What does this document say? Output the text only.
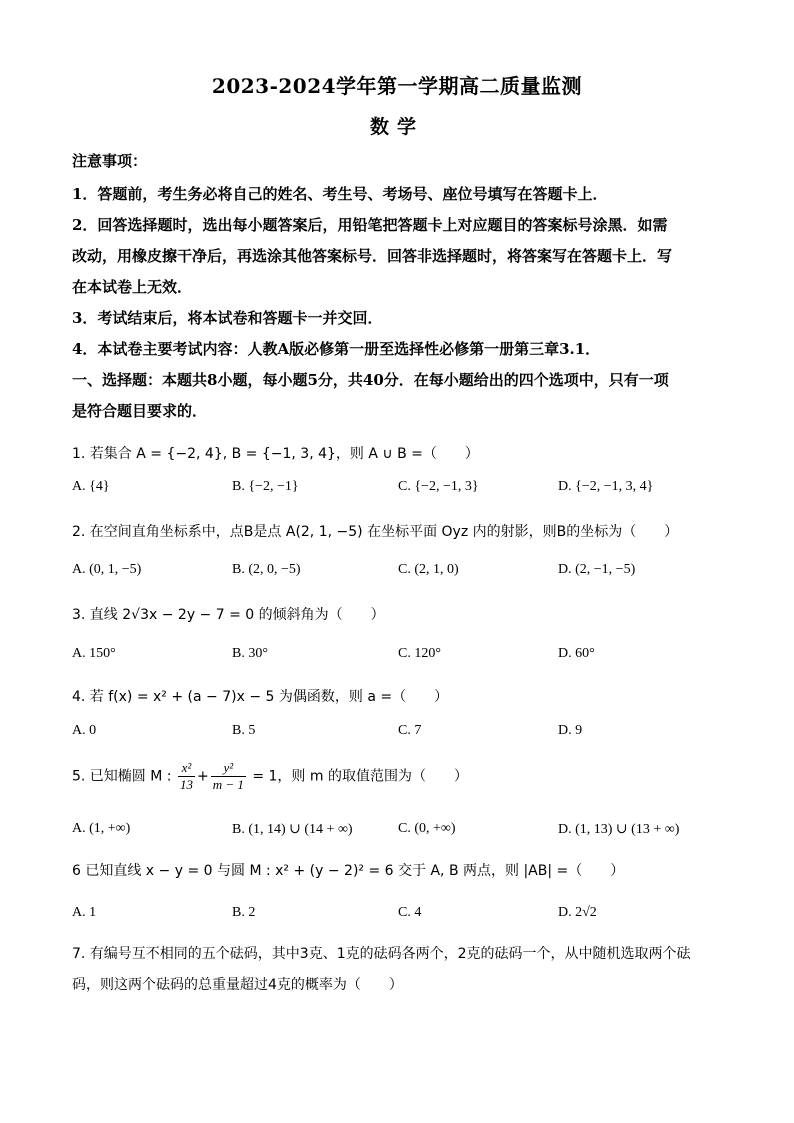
2023-2024学年第一学期高二质量监测
数学
注意事项：
1．答题前，考生务必将自己的姓名、考生号、考场号、座位号填写在答题卡上．
2．回答选择题时，选出每小题答案后，用铅笔把答题卡上对应题目的答案标号涂黑．如需
改动，用橡皮擦干净后，再选涂其他答案标号．回答非选择题时，将答案写在答题卡上．写
在本试卷上无效．
3．考试结束后，将本试卷和答题卡一并交回．
4．本试卷主要考试内容：人教A版必修第一册至选择性必修第一册第三章3.1．
一、选择题：本题共8小题，每小题5分，共40分．在每小题给出的四个选项中，只有一项
是符合题目要求的．
1. 若集合 A = {−2, 4}, B = {−1, 3, 4}，则 A ∪ B =（　　）
A. {4}	B. {−2, −1}	C. {−2, −1, 3}	D. {−2, −1, 3, 4}
2. 在空间直角坐标系中，点B是点 A(2, 1, −5) 在坐标平面 Oyz 内的射影，则B的坐标为（　　）
A. (0, 1, −5)	B. (2, 0, −5)	C. (2, 1, 0)	D. (2, −1, −5)
3. 直线 2√3x − 2y − 7 = 0 的倾斜角为（　　）
A. 150°	B. 30°	C. 120°	D. 60°
4. 若 f(x) = x² + (a − 7)x − 5 为偶函数，则 a =（　　）
A. 0	B. 5	C. 7	D. 9
5. 已知椭圆 M : $\frac{\text{x²}}{13} + \frac{\text{y²}}{m - 1} = 1$，则 m 的取值范围为（　　）
A. (1, +∞)	B. (1, 14) ∪ (14 + ∞)	C. (0, +∞)	D. (1, 13) ∪ (13 + ∞)
6 已知直线 x − y = 0 与圆 M : x² + (y − 2)² = 6 交于 A, B 两点，则 |AB| =（　　）
A. 1	B. 2	C. 4	D. 2√2
7. 有编号互不相同的五个砝码，其中3克、1克的砝码各两个，2克的砝码一个，从中随机选取两个砝
码，则这两个砝码的总重量超过4克的概率为（　　）
